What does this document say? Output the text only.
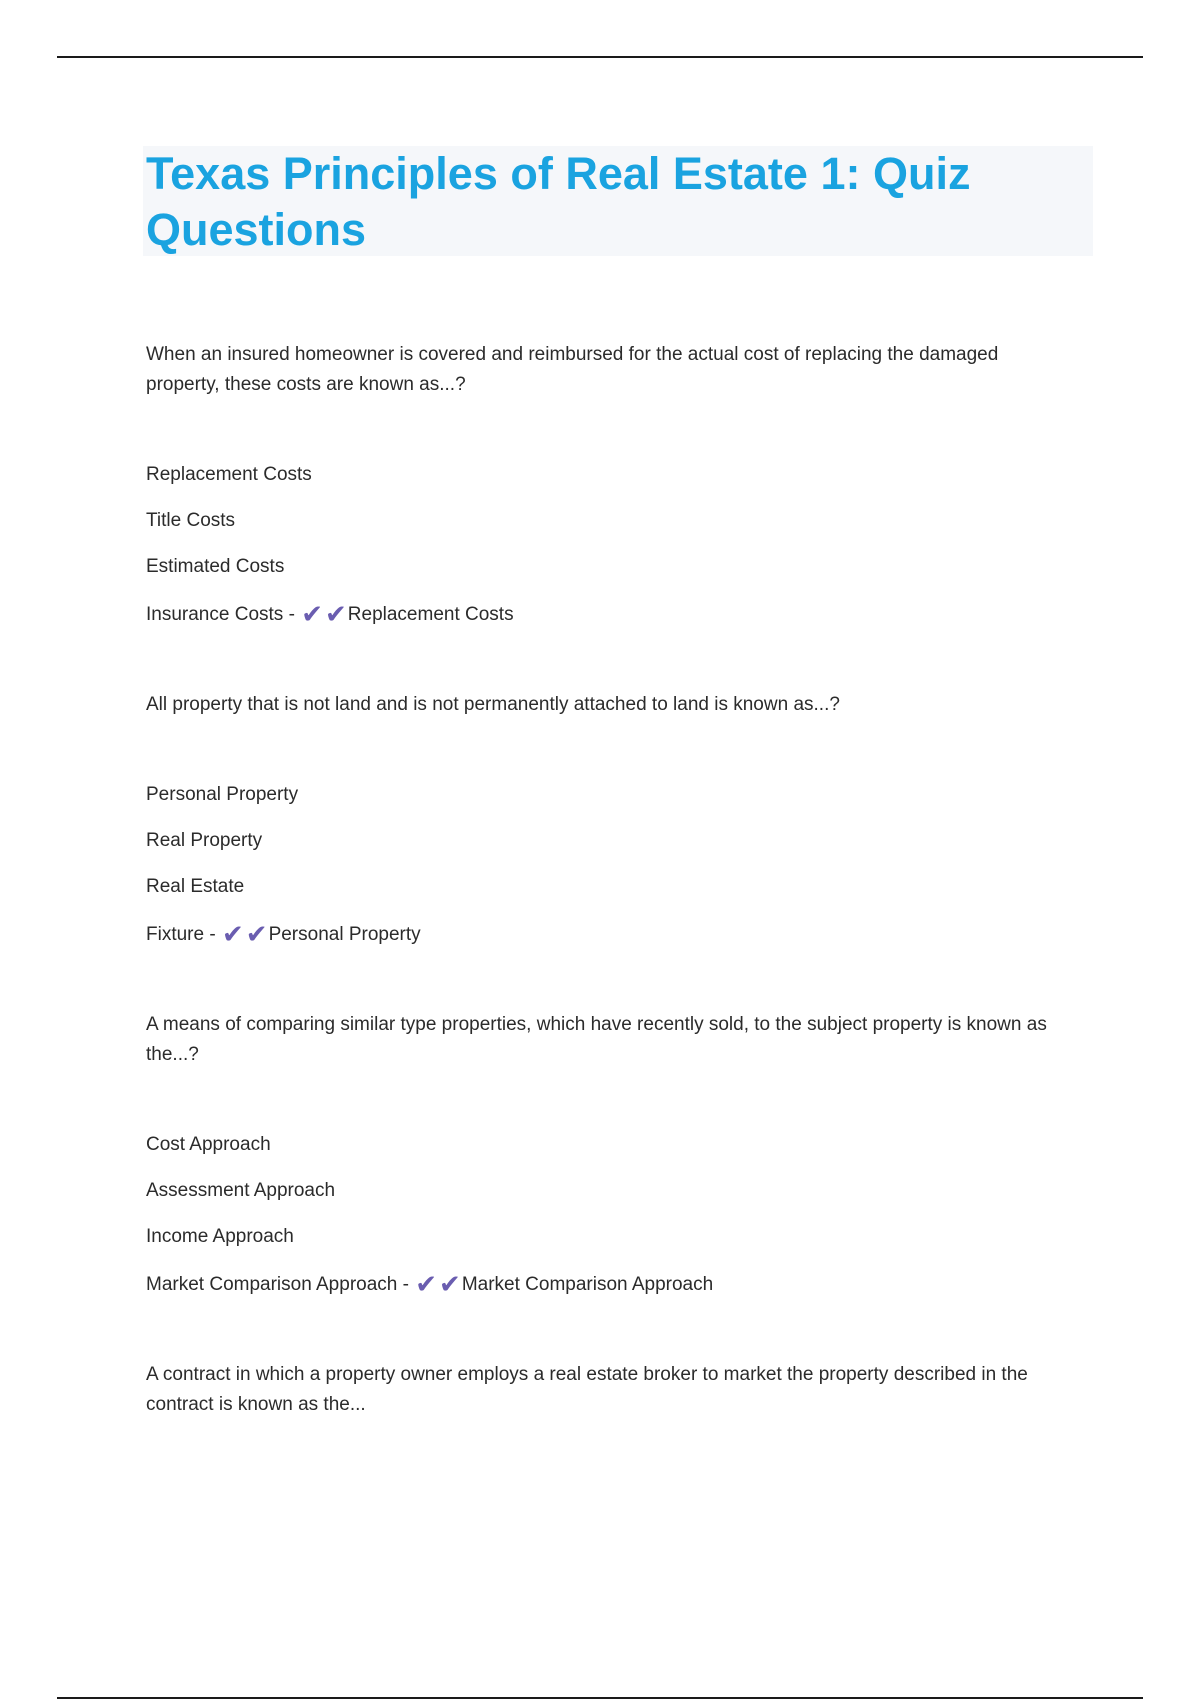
Texas Principles of Real Estate 1: Quiz Questions

When an insured homeowner is covered and reimbursed for the actual cost of replacing the damaged property, these costs are known as...?

Replacement Costs
Title Costs
Estimated Costs
Insurance Costs - ✔✔Replacement Costs

All property that is not land and is not permanently attached to land is known as...?

Personal Property
Real Property
Real Estate
Fixture - ✔✔Personal Property

A means of comparing similar type properties, which have recently sold, to the subject property is known as the...?

Cost Approach
Assessment Approach
Income Approach
Market Comparison Approach - ✔✔Market Comparison Approach

A contract in which a property owner employs a real estate broker to market the property described in the contract is known as the...
